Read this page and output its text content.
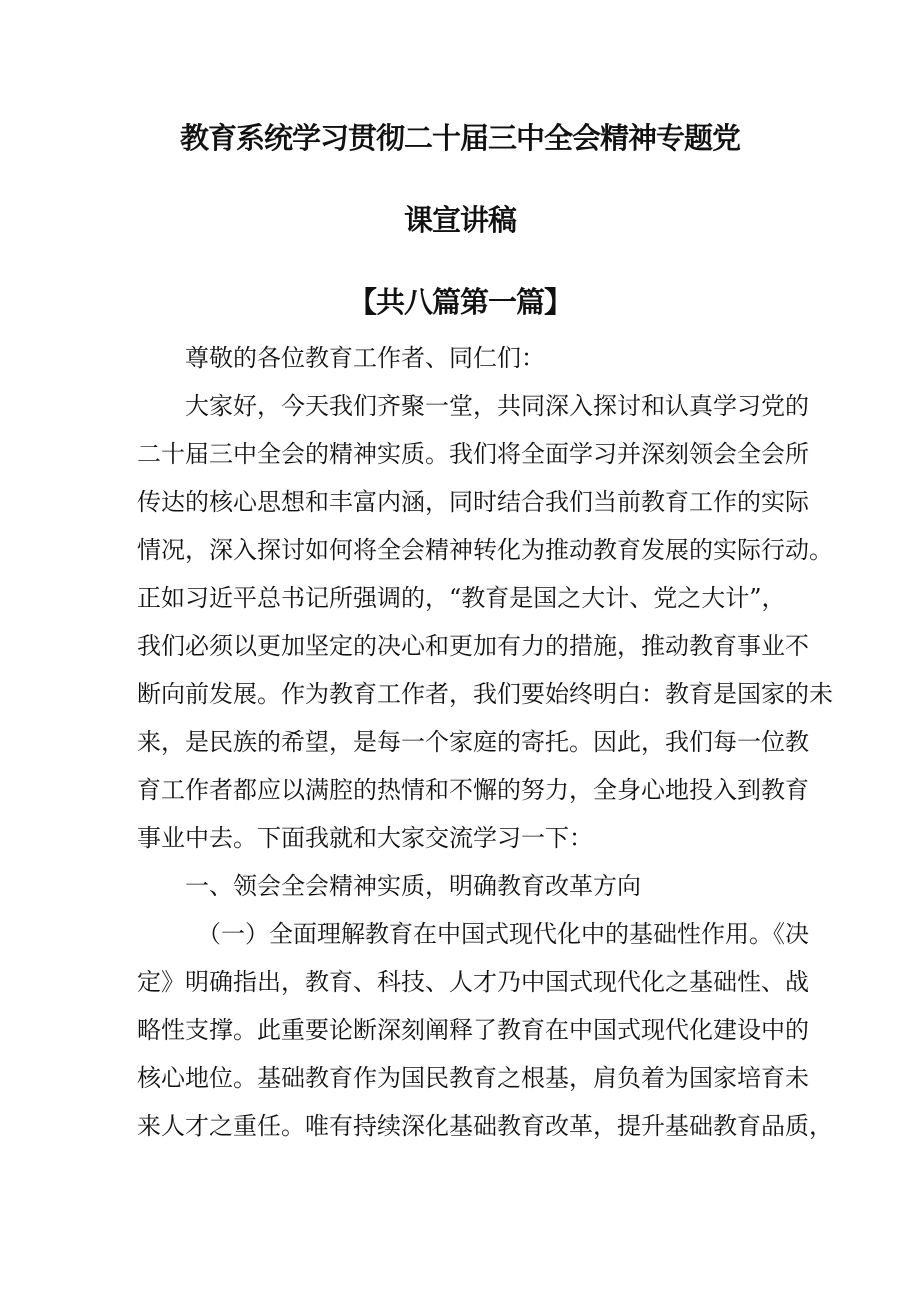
教育系统学习贯彻二十届三中全会精神专题党
课宣讲稿
【共八篇第一篇】

尊敬的各位教育工作者、同仁们：

大家好，今天我们齐聚一堂，共同深入探讨和认真学习党的

二十届三中全会的精神实质。我们将全面学习并深刻领会全会所

传达的核心思想和丰富内涵，同时结合我们当前教育工作的实际

情况，深入探讨如何将全会精神转化为推动教育发展的实际行动。

正如习近平总书记所强调的，“教育是国之大计、党之大计”，

我们必须以更加坚定的决心和更加有力的措施，推动教育事业不

断向前发展。作为教育工作者，我们要始终明白：教育是国家的未

来，是民族的希望，是每一个家庭的寄托。因此，我们每一位教

育工作者都应以满腔的热情和不懈的努力，全身心地投入到教育

事业中去。下面我就和大家交流学习一下：

一、领会全会精神实质，明确教育改革方向

（一）全面理解教育在中国式现代化中的基础性作用。《决

定》明确指出，教育、科技、人才乃中国式现代化之基础性、战

略性支撑。此重要论断深刻阐释了教育在中国式现代化建设中的

核心地位。基础教育作为国民教育之根基，肩负着为国家培育未

来人才之重任。唯有持续深化基础教育改革，提升基础教育品质，
